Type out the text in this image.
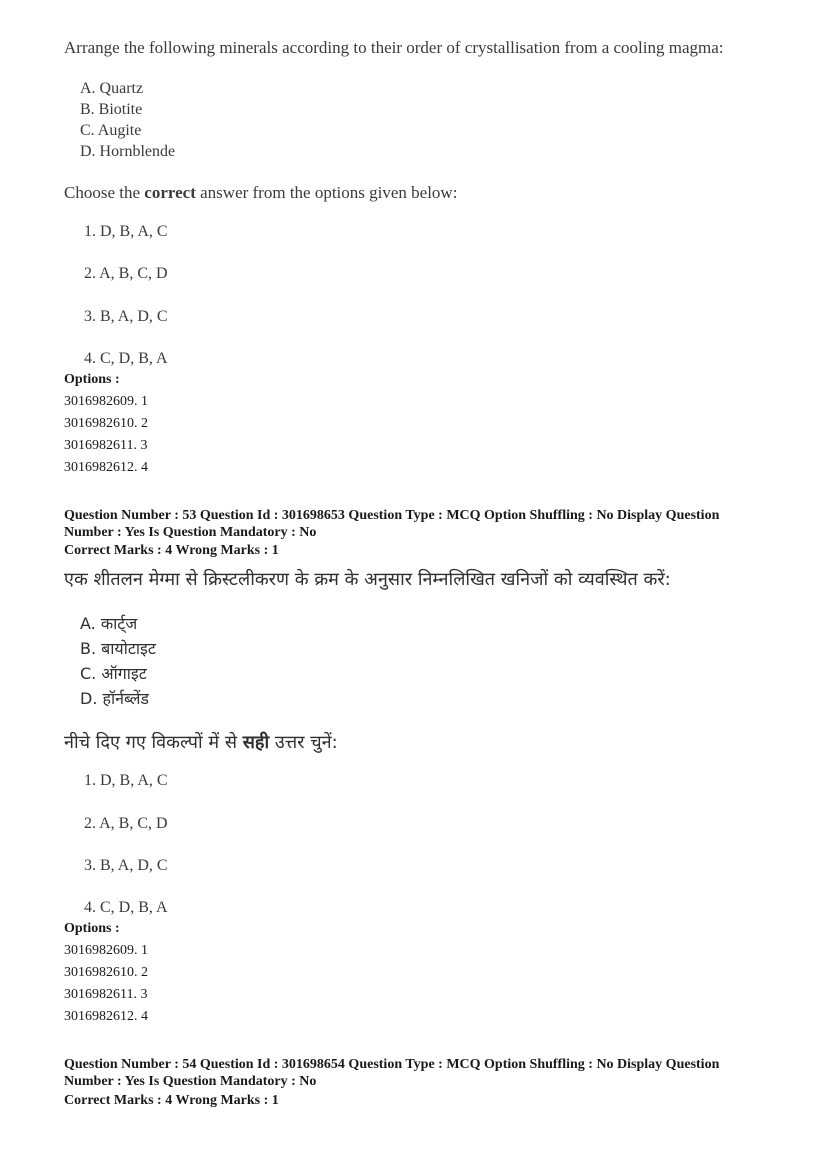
Arrange the following minerals according to their order of crystallisation from a cooling magma:
A. Quartz
B. Biotite
C. Augite
D. Hornblende
Choose the correct answer from the options given below:
1. D, B, A, C
2. A, B, C, D
3. B, A, D, C
4. C, D, B, A
Options :
3016982609. 1
3016982610. 2
3016982611. 3
3016982612. 4
Question Number : 53 Question Id : 301698653 Question Type : MCQ Option Shuffling : No Display Question
Number : Yes Is Question Mandatory : No
Correct Marks : 4 Wrong Marks : 1
एक शीतलन मेग्मा से क्रिस्टलीकरण के क्रम के अनुसार निम्नलिखित खनिजों को व्यवस्थित करें:
A. कार्ट्ज
B. बायोटाइट
C. ऑगाइट
D. हॉर्नब्लेंड
नीचे दिए गए विकल्पों में से सही उत्तर चुनें:
1. D, B, A, C
2. A, B, C, D
3. B, A, D, C
4. C, D, B, A
Options :
3016982609. 1
3016982610. 2
3016982611. 3
3016982612. 4
Question Number : 54 Question Id : 301698654 Question Type : MCQ Option Shuffling : No Display Question
Number : Yes Is Question Mandatory : No
Correct Marks : 4 Wrong Marks : 1
